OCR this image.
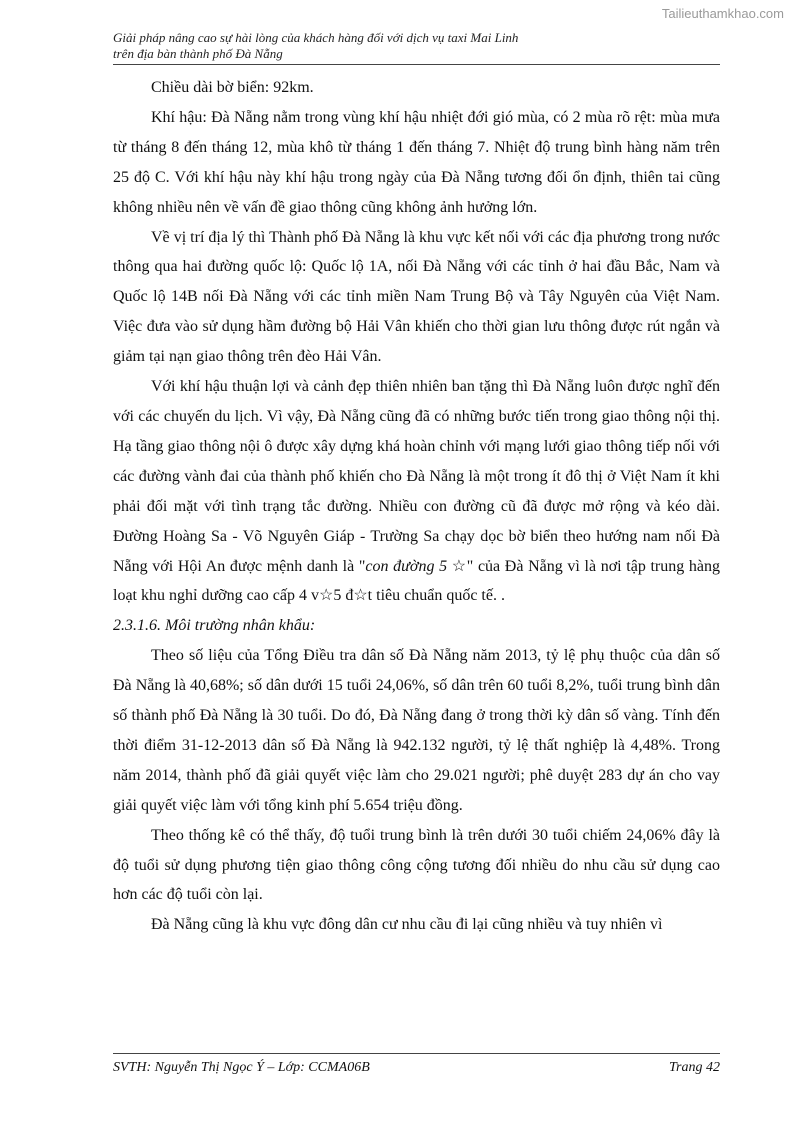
Tailieuthamkhao.com
Giải pháp nâng cao sự hài lòng của khách hàng đối với dịch vụ taxi Mai Linh
trên địa bàn thành phố Đà Nẵng

Chiều dài bờ biển: 92km.

Khí hậu: Đà Nẵng nằm trong vùng khí hậu nhiệt đới gió mùa, có 2 mùa rõ rệt: mùa mưa từ tháng 8 đến tháng 12, mùa khô từ tháng 1 đến tháng 7. Nhiệt độ trung bình hàng năm trên 25 độ C. Với khí hậu này khí hậu trong ngày của Đà Nẵng tương đối ổn định, thiên tai cũng không nhiều nên về vấn đề giao thông cũng không ảnh hưởng lớn.

Về vị trí địa lý thì Thành phố Đà Nẵng là khu vực kết nối với các địa phương trong nước thông qua hai đường quốc lộ: Quốc lộ 1A, nối Đà Nẵng với các tỉnh ở hai đầu Bắc, Nam và Quốc lộ 14B nối Đà Nẵng với các tỉnh miền Nam Trung Bộ và Tây Nguyên của Việt Nam. Việc đưa vào sử dụng hầm đường bộ Hải Vân khiến cho thời gian lưu thông được rút ngắn và giảm tại nạn giao thông trên đèo Hải Vân.

Với khí hậu thuận lợi và cảnh đẹp thiên nhiên ban tặng thì Đà Nẵng luôn được nghĩ đến với các chuyến du lịch. Vì vậy, Đà Nẵng cũng đã có những bước tiến trong giao thông nội thị. Hạ tầng giao thông nội ô được xây dựng khá hoàn chỉnh với mạng lưới giao thông tiếp nối với các đường vành đai của thành phố khiến cho Đà Nẵng là một trong ít đô thị ở Việt Nam ít khi phải đối mặt với tình trạng tắc đường. Nhiều con đường cũ đã được mở rộng và kéo dài. Đường Hoàng Sa - Võ Nguyên Giáp - Trường Sa chạy dọc bờ biển theo hướng nam nối Đà Nẵng với Hội An được mệnh danh là "con đường 5 ☆" của Đà Nẵng vì là nơi tập trung hàng loạt khu nghỉ dưỡng cao cấp 4 v☆5 đ☆t tiêu chuẩn quốc tế. .

2.3.1.6. Môi trường nhân khẩu:

Theo số liệu của Tổng Điều tra dân số Đà Nẵng năm 2013, tỷ lệ phụ thuộc của dân số Đà Nẵng là 40,68%; số dân dưới 15 tuổi 24,06%, số dân trên 60 tuổi 8,2%, tuổi trung bình dân số thành phố Đà Nẵng là 30 tuổi. Do đó, Đà Nẵng đang ở trong thời kỳ dân số vàng. Tính đến thời điểm 31-12-2013 dân số Đà Nẵng là 942.132 người, tỷ lệ thất nghiệp là 4,48%. Trong năm 2014, thành phố đã giải quyết việc làm cho 29.021 người; phê duyệt 283 dự án cho vay giải quyết việc làm với tổng kinh phí 5.654 triệu đồng.

Theo thống kê có thể thấy, độ tuổi trung bình là trên dưới 30 tuổi chiếm 24,06% đây là độ tuổi sử dụng phương tiện giao thông công cộng tương đối nhiều do nhu cầu sử dụng cao hơn các độ tuổi còn lại.

Đà Nẵng cũng là khu vực đông dân cư nhu cầu đi lại cũng nhiều và tuy nhiên vì

SVTH: Nguyễn Thị Ngọc Ý – Lớp: CCMA06B	Trang 42
